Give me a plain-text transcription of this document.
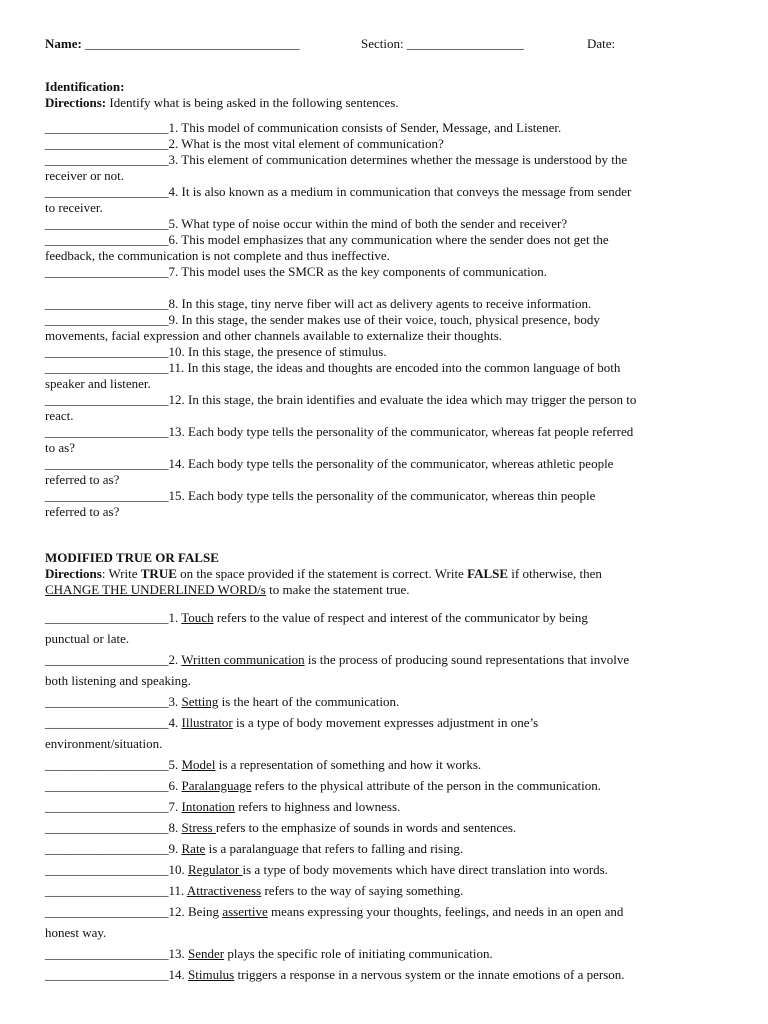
Name: _________________________________	Section: __________________	Date:
Identification:
Directions: Identify what is being asked in the following sentences.
___________________1. This model of communication consists of Sender, Message, and Listener.
___________________2. What is the most vital element of communication?
___________________3. This element of communication determines whether the message is understood by the
receiver or not.
___________________4. It is also known as a medium in communication that conveys the message from sender
to receiver.
___________________5. What type of noise occur within the mind of both the sender and receiver?
___________________6. This model emphasizes that any communication where the sender does not get the
feedback, the communication is not complete and thus ineffective.
___________________7. This model uses the SMCR as the key components of communication.
___________________8. In this stage, tiny nerve fiber will act as delivery agents to receive information.
___________________9. In this stage, the sender makes use of their voice, touch, physical presence, body
movements, facial expression and other channels available to externalize their thoughts.
___________________10. In this stage, the presence of stimulus.
___________________11. In this stage, the ideas and thoughts are encoded into the common language of both
speaker and listener.
___________________12. In this stage, the brain identifies and evaluate the idea which may trigger the person to
react.
___________________13. Each body type tells the personality of the communicator, whereas fat people referred
to as?
___________________14. Each body type tells the personality of the communicator, whereas athletic people
referred to as?
___________________15. Each body type tells the personality of the communicator, whereas thin people
referred to as?
MODIFIED TRUE OR FALSE
Directions: Write TRUE on the space provided if the statement is correct. Write FALSE if otherwise, then
CHANGE THE UNDERLINED WORD/s to make the statement true.
___________________1. Touch refers to the value of respect and interest of the communicator by being
punctual or late.
___________________2. Written communication is the process of producing sound representations that involve
both listening and speaking.
___________________3. Setting is the heart of the communication.
___________________4. Illustrator is a type of body movement expresses adjustment in one’s
environment/situation.
___________________5. Model is a representation of something and how it works.
___________________6. Paralanguage refers to the physical attribute of the person in the communication.
___________________7. Intonation refers to highness and lowness.
___________________8. Stress refers to the emphasize of sounds in words and sentences.
___________________9. Rate is a paralanguage that refers to falling and rising.
___________________10. Regulator is a type of body movements which have direct translation into words.
___________________11. Attractiveness refers to the way of saying something.
___________________12. Being assertive means expressing your thoughts, feelings, and needs in an open and
honest way.
___________________13. Sender plays the specific role of initiating communication.
___________________14. Stimulus triggers a response in a nervous system or the innate emotions of a person.
